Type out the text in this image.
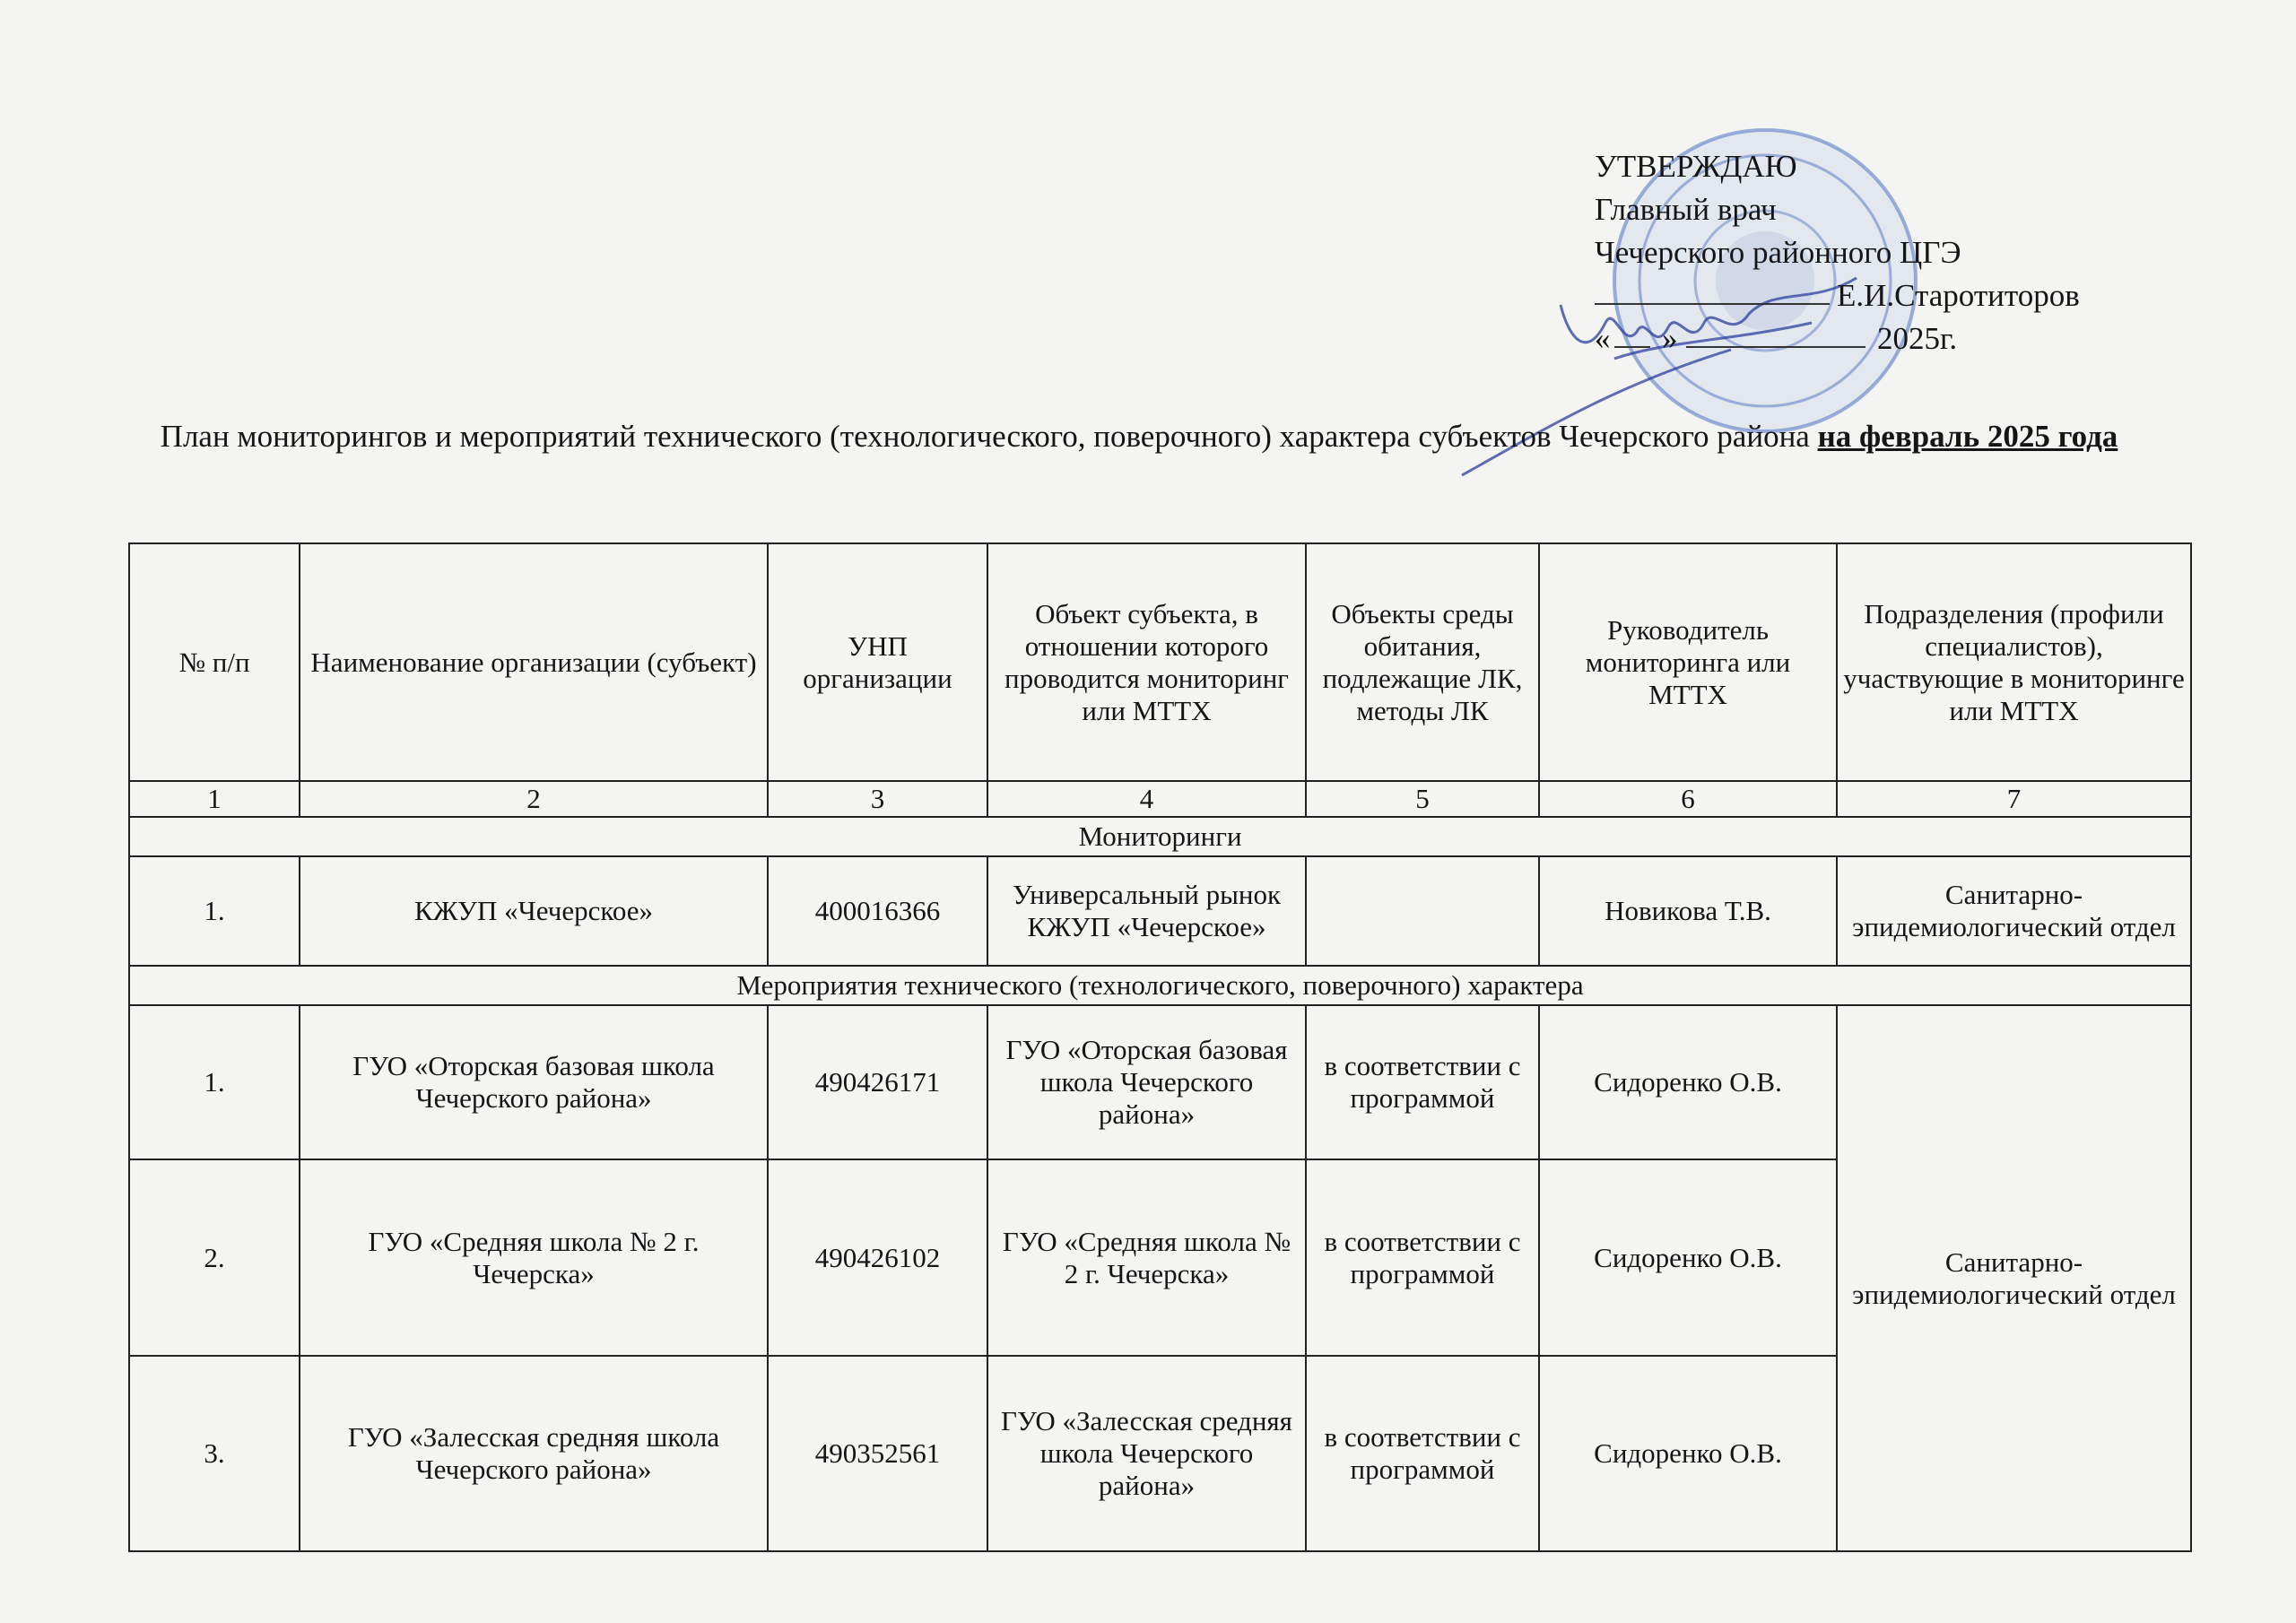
УТВЕРЖДАЮ
Главный врач
Чечерского районного ЦГЭ
Е.И.Старотиторов
« »	2025г.
План мониторингов и мероприятий технического (технологического, поверочного) характера субъектов Чечерского района на февраль 2025 года
№ п/п	Наименование организации (субъект)	УНП организации	Объект субъекта, в отношении которого проводится мониторинг или МТТХ	Объекты среды обитания, подлежащие ЛК, методы ЛК	Руководитель мониторинга или МТТХ	Подразделения (профили специалистов), участвующие в мониторинге или МТТХ
1	2	3	4	5	6	7
Мониторинги						
1.	КЖУП «Чечерское»	400016366	Универсальный рынок КЖУП «Чечерское»		Новикова Т.В.	Санитарно-эпидемиологический отдел
Мероприятия технического (технологического, поверочного) характера						
1.	ГУО «Оторская базовая школа Чечерского района»	490426171	ГУО «Оторская базовая школа Чечерского района»	в соответствии с программой	Сидоренко О.В.	Санитарно-эпидемиологический отдел
2.	ГУО «Средняя школа № 2 г. Чечерска»	490426102	ГУО «Средняя школа № 2 г. Чечерска»	в соответствии с программой	Сидоренко О.В.	
3.	ГУО «Залесская средняя школа Чечерского района»	490352561	ГУО «Залесская средняя школа Чечерского района»	в соответствии с программой	Сидоренко О.В.	
